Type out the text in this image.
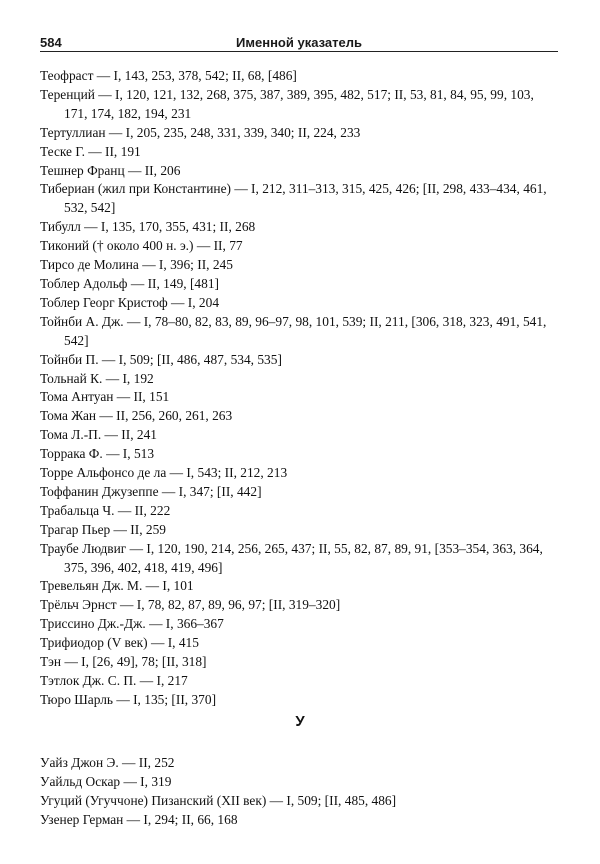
584	Именной указатель
Теофраст — I, 143, 253, 378, 542; II, 68, [486]
Теренций — I, 120, 121, 132, 268, 375, 387, 389, 395, 482, 517; II, 53, 81, 84, 95, 99, 103, 171, 174, 182, 194, 231
Тертуллиан — I, 205, 235, 248, 331, 339, 340; II, 224, 233
Теске Г. — II, 191
Тешнер Франц — II, 206
Тибериан (жил при Константине) — I, 212, 311–313, 315, 425, 426; [II, 298, 433–434, 461, 532, 542]
Тибулл — I, 135, 170, 355, 431; II, 268
Тиконий († около 400 н. э.) — II, 77
Тирсо де Молина — I, 396; II, 245
Тоблер Адольф — II, 149, [481]
Тоблер Георг Кристоф — I, 204
Тойнби А. Дж. — I, 78–80, 82, 83, 89, 96–97, 98, 101, 539; II, 211, [306, 318, 323, 491, 541, 542]
Тойнби П. — I, 509; [II, 486, 487, 534, 535]
Тольнай К. — I, 192
Тома Антуан — II, 151
Тома Жан — II, 256, 260, 261, 263
Тома Л.-П. — II, 241
Торрака Ф. — I, 513
Торре Альфонсо де ла — I, 543; II, 212, 213
Тоффанин Джузеппе — I, 347; [II, 442]
Трабальца Ч. — II, 222
Трагар Пьер — II, 259
Траубе Людвиг — I, 120, 190, 214, 256, 265, 437; II, 55, 82, 87, 89, 91, [353–354, 363, 364, 375, 396, 402, 418, 419, 496]
Тревельян Дж. М. — I, 101
Трёльч Эрнст — I, 78, 82, 87, 89, 96, 97; [II, 319–320]
Триссино Дж.-Дж. — I, 366–367
Трифиодор (V век) — I, 415
Тэн — I, [26, 49], 78; [II, 318]
Тэтлок Дж. С. П. — I, 217
Тюро Шарль — I, 135; [II, 370]
У
Уайз Джон Э. — II, 252
Уайльд Оскар — I, 319
Угуций (Угуччоне) Пизанский (XII век) — I, 509; [II, 485, 486]
Узенер Герман — I, 294; II, 66, 168
